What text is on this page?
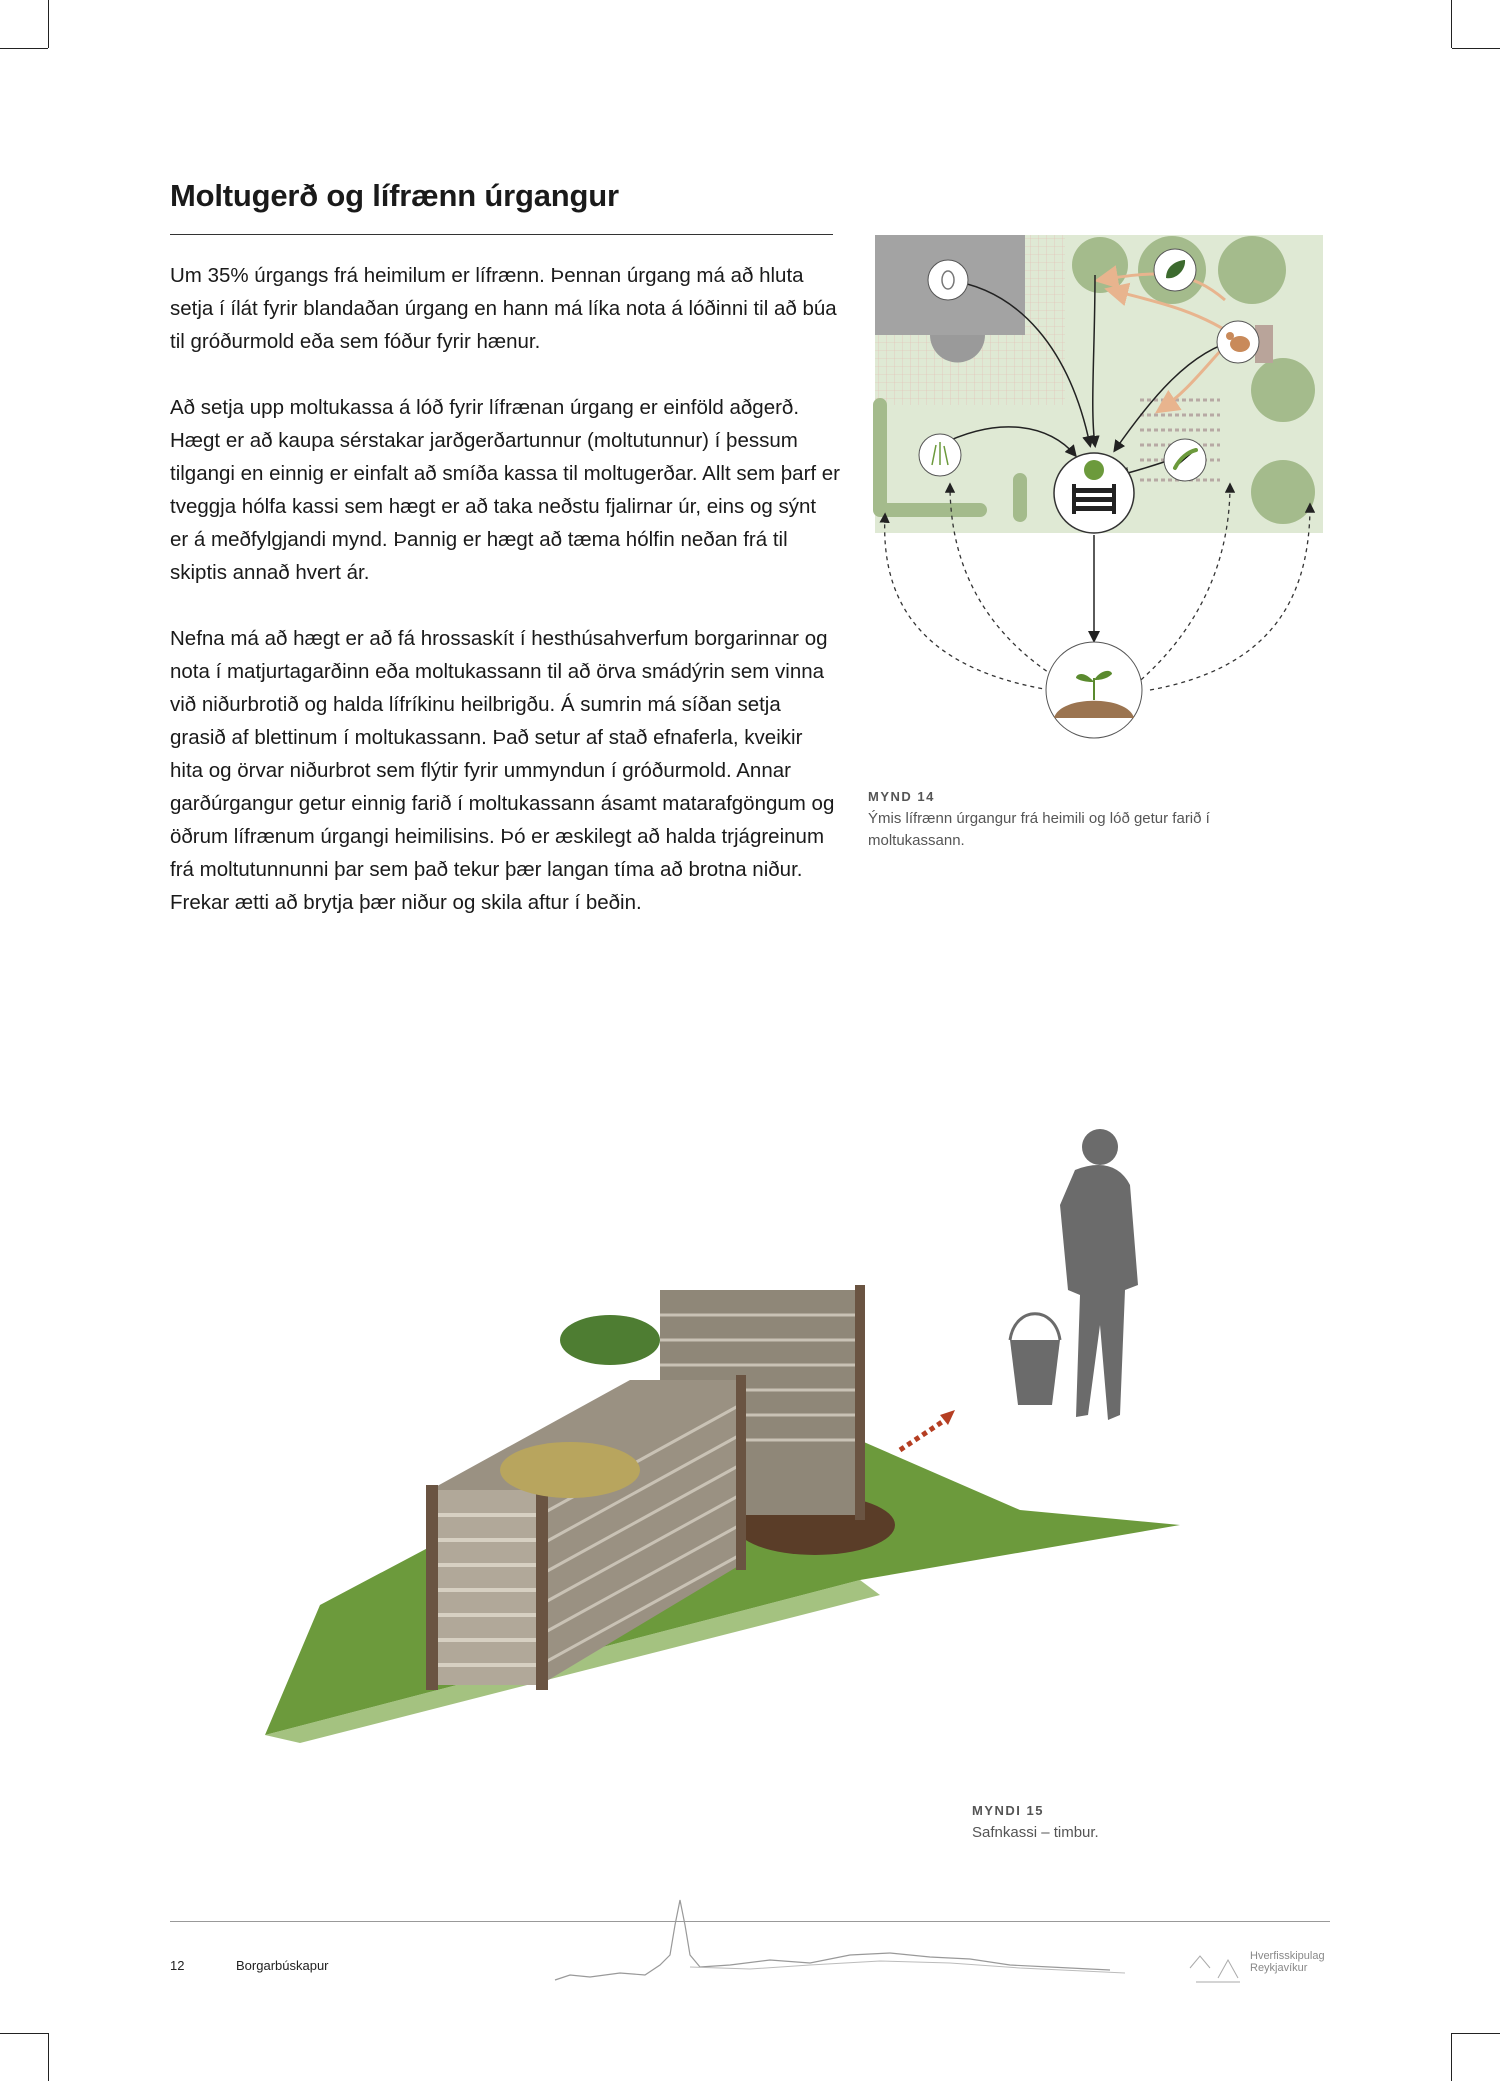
Moltugerð og lífrænn úrgangur

Um 35% úrgangs frá heimilum er lífrænn. Þennan úrgang má að hluta setja í ílát fyrir blandaðan úrgang en hann má líka nota á lóðinni til að búa til gróðurmold eða sem fóður fyrir hænur.

Að setja upp moltukassa á lóð fyrir lífrænan úrgang er einföld aðgerð. Hægt er að kaupa sérstakar jarðgerðartunnur (moltutunnur) í þessum tilgangi en einnig er einfalt að smíða kassa til moltugerðar. Allt sem þarf er tveggja hólfa kassi sem hægt er að taka neðstu fjalirnar úr, eins og sýnt er á meðfylgjandi mynd. Þannig er hægt að tæma hólfin neðan frá til skiptis annað hvert ár.

Nefna má að hægt er að fá hrossaskít í hesthúsahverfum borgarinnar og nota í matjurtagarðinn eða moltukassann til að örva smádýrin sem vinna við niðurbrotið og halda lífríkinu heilbrigðu. Á sumrin má síðan setja grasið af blettinum í moltukassann. Það setur af stað efnaferla, kveikir hita og örvar niðurbrot sem flýtir fyrir ummyndun í gróðurmold. Annar garðúrgangur getur einnig farið í moltukassann ásamt matarafgöngum og öðrum lífrænum úrgangi heimilisins. Þó er æskilegt að halda trjágreinum frá moltutunnunni þar sem það tekur þær langan tíma að brotna niður. Frekar ætti að brytja þær niður og skila aftur í beðin.

MYND 14
Ýmis lífrænn úrgangur frá heimili og lóð getur farið í moltukassann.
MYNDI 15
Safnkassi – timbur.
12	Borgarbúskapur
Hverfisskipulag
Reykjavíkur
